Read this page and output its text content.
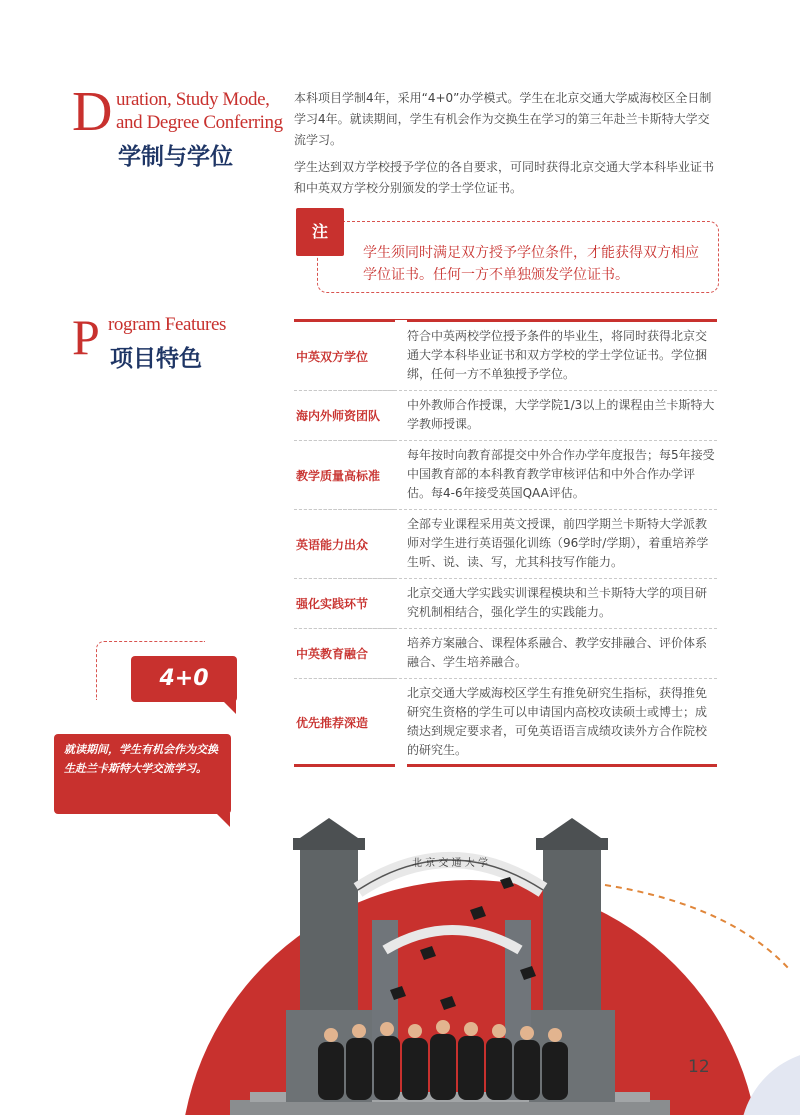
D uration, Study Mode,
and Degree Conferring
学制与学位
本科项目学制4年，采用“4+0”办学模式。学生在北京交通大学威海校区全日制学习4年。就读期间，学生有机会作为交换生在学习的第三年赴兰卡斯特大学交流学习。
学生达到双方学校授予学位的各自要求，可同时获得北京交通大学本科毕业证书和中英双方学校分别颁发的学士学位证书。
注
学生须同时满足双方授予学位条件，才能获得双方相应学位证书。任何一方不单独颁发学位证书。
P rogram Features
项目特色	中英双方学位
符合中英两校学位授予条件的毕业生，将同时获得北京交通大学本科毕业证书和双方学校的学士学位证书。学位捆绑，任何一方不单独授予学位。
海内外师资团队
中外教师合作授课，大学学院1/3以上的课程由兰卡斯特大学教师授课。
教学质量高标准
每年按时向教育部提交中外合作办学年度报告；每5年接受中国教育部的本科教育教学审核评估和中外合作办学评估。每4-6年接受英国QAA评估。
英语能力出众
全部专业课程采用英文授课，前四学期兰卡斯特大学派教师对学生进行英语强化训练（96学时/学期），着重培养学生听、说、读、写，尤其科技写作能力。
强化实践环节
北京交通大学实践实训课程模块和兰卡斯特大学的项目研究机制相结合，强化学生的实践能力。
中英教育融合
培养方案融合、课程体系融合、教学安排融合、评价体系融合、学生培养融合。
优先推荐深造
北京交通大学威海校区学生有推免研究生指标，获得推免研究生资格的学生可以申请国内高校攻读硕士或博士；成绩达到规定要求者，可免英语语言成绩攻读外方合作院校的研究生。
4+0
就读期间，学生有机会作为交换生赴兰卡斯特大学交流学习。
北 京 交 通 大 学
12
